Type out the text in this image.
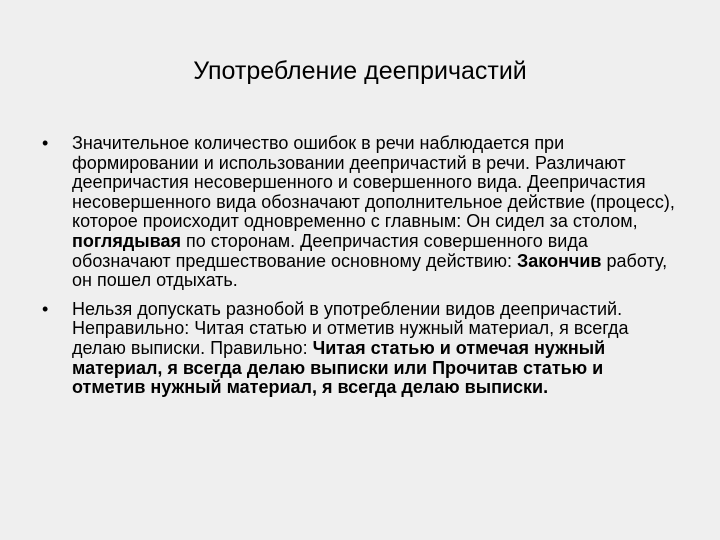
Употребление деепричастий
• Значительное количество ошибок в речи наблюдается при формировании и использовании деепричастий в речи. Различают деепричастия несовершенного и совершенного вида. Деепричастия несовершенного вида обозначают дополнительное действие (процесс), которое происходит одновременно с главным: Он сидел за столом, поглядывая по сторонам. Деепричастия совершенного вида обозначают предшествование основному действию: Закончив работу, он пошел отдыхать.
• Нельзя допускать разнобой в употреблении видов деепричастий. Неправильно: Читая статью и отметив нужный материал, я всегда делаю выписки. Правильно: Читая статью и отмечая нужный материал, я всегда делаю выписки или Прочитав статью и отметив нужный материал, я всегда делаю выписки.
